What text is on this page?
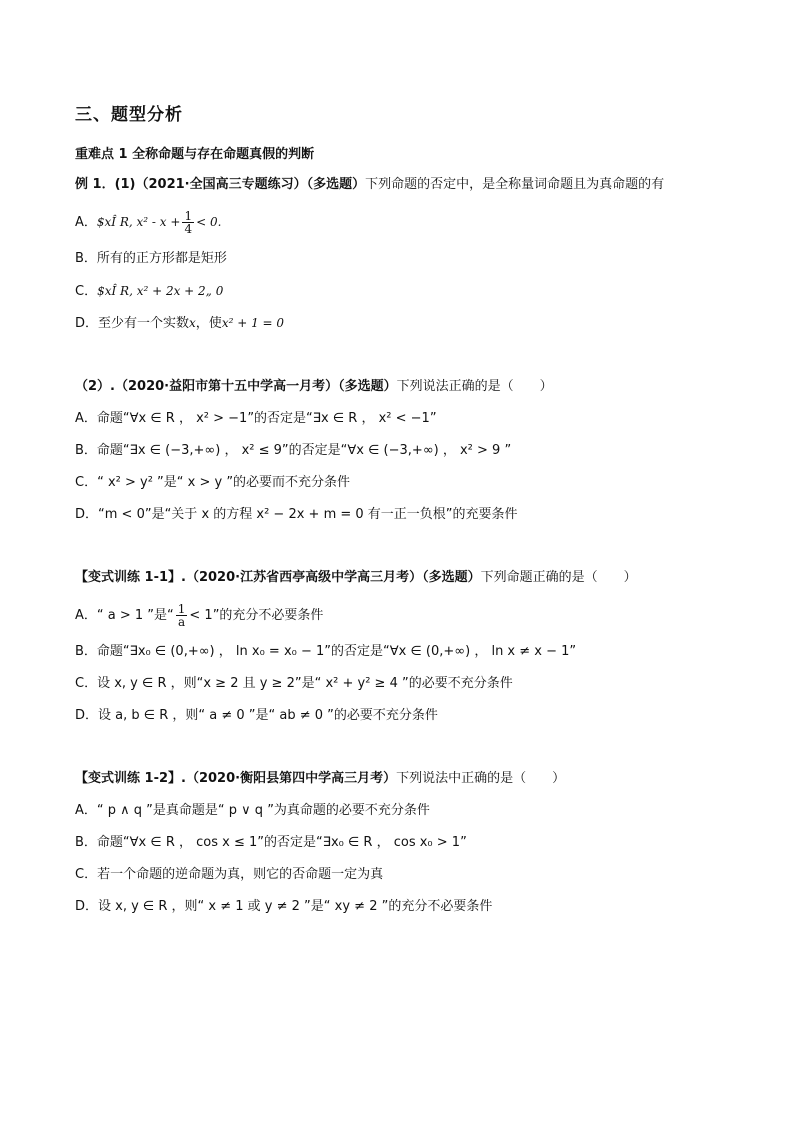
三、题型分析
重难点 1 全称命题与存在命题真假的判断
例 1．(1)（2021·全国高三专题练习）（多选题）下列命题的否定中，是全称量词命题且为真命题的有
A．$xÎ R, $x^2 - x + \frac{1}{4} < 0$.
B．所有的正方形都是矩形
C．$xÎ R, x² + 2x + 2„ 0
D．至少有一个实数x，使x² + 1 = 0
（2）.（2020·益阳市第十五中学高一月考）（多选题）下列说法正确的是（　　）
A．命题“∀x ∈ R ， x² > −1”的否定是“∃x ∈ R ， x² < −1”
B．命题“∃x ∈ (−3,+∞) ， x² ≤ 9”的否定是“∀x ∈ (−3,+∞) ， x² > 9 ”
C．“ x² > y² ”是“ x > y ”的必要而不充分条件
D．“m < 0”是“关于 x 的方程 x² − 2x + m = 0 有一正一负根”的充要条件
【变式训练 1-1】.（2020·江苏省西亭高级中学高三月考）（多选题）下列命题正确的是（　　）
A．“ a > 1 ”是“ $\frac{1}{a} < 1$”的充分不必要条件
B．命题“∃x₀ ∈ (0,+∞) ， ln x₀ = x₀ − 1”的否定是“∀x ∈ (0,+∞) ， ln x ≠ x − 1”
C．设 x, y ∈ R ，则“x ≥ 2 且 y ≥ 2”是“ x² + y² ≥ 4 ”的必要不充分条件
D．设 a, b ∈ R ，则“ a ≠ 0 ”是“ ab ≠ 0 ”的必要不充分条件
【变式训练 1-2】.（2020·衡阳县第四中学高三月考）下列说法中正确的是（　　）
A．“ p ∧ q ”是真命题是“ p ∨ q ”为真命题的必要不充分条件
B．命题“∀x ∈ R ， cos x ≤ 1”的否定是“∃x₀ ∈ R ， cos x₀ > 1”
C．若一个命题的逆命题为真，则它的否命题一定为真
D．设 x, y ∈ R ，则“ x ≠ 1 或 y ≠ 2 ”是“ xy ≠ 2 ”的充分不必要条件
